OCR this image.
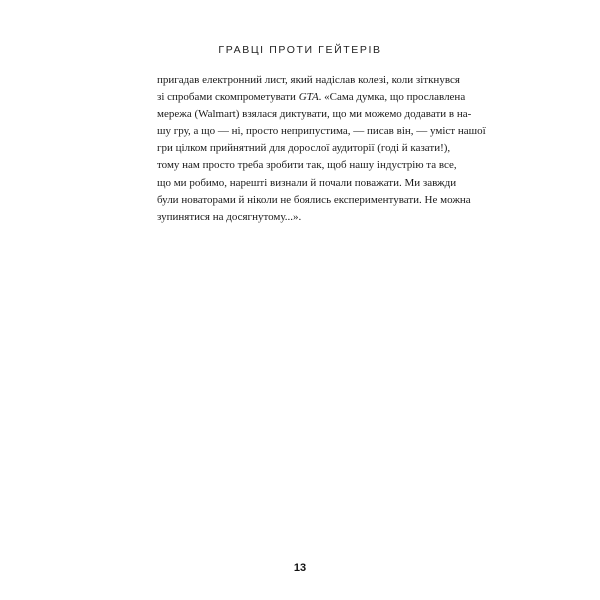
ГРАВЦІ ПРОТИ ГЕЙТЕРІВ
пригадав електронний лист, який надіслав колезі, коли зіткнувся
зі спробами скомпрометувати GTA. «Сама думка, що прославлена
мережа (Walmart) взялася диктувати, що ми можемо додавати в на-
шу гру, а що — ні, просто неприпустима, — писав він, — уміст нашої
гри цілком прийнятний для дорослої аудиторії (годі й казати!),
тому нам просто треба зробити так, щоб нашу індустрію та все,
що ми робимо, нарешті визнали й почали поважати. Ми завжди
були новаторами й ніколи не боялись експериментувати. Не можна
зупинятися на досягнутому...».
13
